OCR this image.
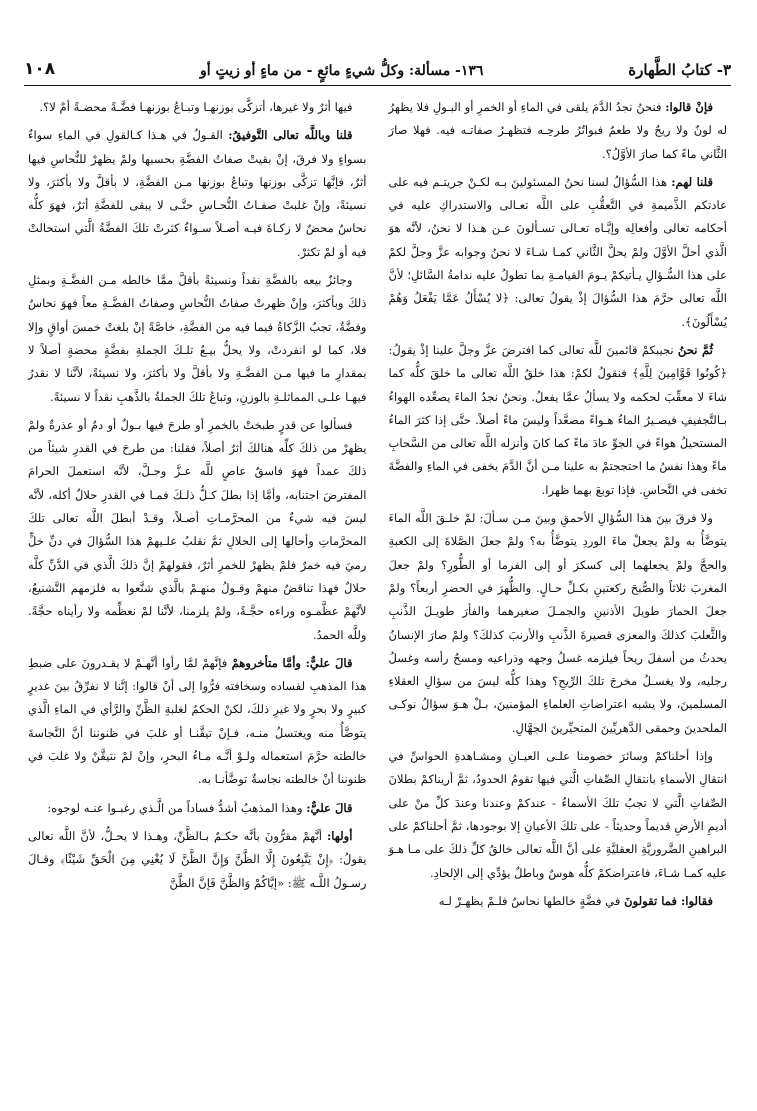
٣- كتابُ الطَّهارة
١٣٦- مسألة: وكلُّ شيءٍ مائعٍ - من ماءٍ أو زيتٍ أو
١٠٨

فإنْ قالوا: فنحنُ نجدُ الدَّمَ يلقى في الماءِ أو الخمرِ أو البـولِ فلا يظهرُ له لونٌ ولا ريحٌ ولا طعمٌ فبواتُرُ طرحِـه فتظهـرُ صفاتـه فيه. فهلا صارَ الثَّاني ماءً كما صارَ الأوَّلُ؟.

قلنا لهم: هذا السُّؤالُ لسنا نحنُ المسئولينَ بـه لكـنْ جريتـم فيه على عادتكم الذَّميمةِ في التَّعقُّبِ على اللَّه تعـالى والاستدراكِ عليه في أحكامه تعالى وأفعالِه وإيَّـاه تعـالى تسـألونَ عـن هـذا لا نحنُ، لأنَّه هوَ الَّذي أحلَّ الأوَّلَ ولمْ يحلَّ الثَّاني كمـا شـاءَ لا نحنُ وجوابه عزَّ وجلَّ لكمْ على هذا السُّـؤالِ يـأتيكمْ يـومَ القيامـةِ بما تطولُ عليه ندامةُ السَّائلِ؛ لأنَّ اللَّه تعالى حرَّمَ هذا السُّؤالَ إذْ يقولُ تعالى: ﴿لا يُسْأَلُ عَمَّا يَفْعَلُ وَهُمْ يُسْأَلُونَ﴾.

ثُمَّ نحنُ نجيبكمْ قائمينَ للَّه تعالى كما افترضَ عزَّ وجلَّ علينا إذْ يقولُ: ﴿كُونُوا قَوَّامِينَ لِلَّهِ﴾ فنقولُ لكمْ: هذا خلقُ اللَّه تعالى ما خلقَ كلُّه كما شاءَ لا معقِّبَ لحكمه ولا يسألُ عمَّا يفعلُ. ونحنُ نجدُ الماءَ يصعِّده الهواءُ بـالتَّجفيفِ فيصـيرُ الماءُ هـواءً مصعَّداً وليسَ ماءً أصلاً. حتَّى إذا كثرَ الماءُ المستحيلُ هواءً في الجوِّ عادَ ماءً كما كانَ وأنزله اللَّه تعالى من السَّحابِ ماءً وهذا نفسُ ما احتججتمْ به علينا مـن أنَّ الدَّمَ يخفى في الماءِ والفضَّةَ تخفى في النَّحاسِ. فإذا توبعَ بهما ظهرا.

ولا فرقَ بينَ هذا السُّؤالِ الأحمقِ وبينَ مـن سـألَ: لمْ خلـقَ اللَّه الماءَ يتوضَّأُ به ولمْ يجعلْ ماءَ الوردِ يتوضَّأُ به؟ ولمْ جعلَ الصَّلاةَ إلى الكعبةِ والحجَّ ولمْ يجعلهما إلى كسكرَ أو إلى الفرما أو الطُّورِ؟ ولمْ جعلَ المغربَ ثلاثاً والصُّبحَ ركعتينِ بكـلِّ حـالٍ. والظُّهرَ في الحضرِ أربعاً؟ ولمْ جعلَ الحمارَ طويلَ الأذنينِ والجمـلَ صغيرهما والفأرَ طويـلَ الذَّنبِ والثَّعلبَ كذلكَ والمعزى قصيرةَ الذَّنبِ والأرنبَ كذلكَ؟ ولمْ صارَ الإنسانُ يحدثُ من أسفلَ ريحاً فيلزمه غسلُ وجهه وذراعيه ومسحُ رأسه وغسلُ رجليه، ولا يغسـلُ مخرجَ تلكَ الرِّيحِ؟ وهذا كلُّه ليسَ من سؤالِ العقلاءِ المسلمينَ، ولا يشبه اعتراضاتِ العلماءِ المؤمنينَ، بـلْ هـوَ سؤالُ نوكـى الملحدينَ وحمقى الدَّهريِّينَ المتحيِّرينَ الجهَّالِ.

وإذا أحلناكمْ وسائرَ خصومنا علـى العيـانِ ومشـاهدةِ الحواسِّ في انتقالِ الأسماءِ بانتقالِ الصِّفاتِ الَّتي فيها تقومُ الحدودُ، ثمَّ أريناكمْ بطلانَ الصِّفاتِ الَّتي لا تجبُ تلكَ الأسماءُ - عندكمْ وعندنا وعندَ كلِّ منْ على أديمِ الأرضِ قديماً وحديثاً - على تلكَ الأعيانِ إلا بوجودها، ثمَّ أحلناكمْ على البراهينِ الضَّروريَّةِ العقليَّةِ على أنَّ اللَّه تعالى خالقُ كلِّ ذلكَ على مـا هـوَ عليه كمـا شـاءَ، فاعتراضكمْ كلُّه هوسٌ وباطلٌ يؤدِّي إلى الإلحادِ.

فقالوا: فما تقولونَ في فضَّةٍ خالطها نحاسٌ فلـمْ يظهـرْ لـه

فيها أثرٌ ولا غيرها، أتزكَّى بوزنهـا وتبـاعُ بوزنهـا فضَّـةً محضـةً أمْ لا؟.

قلنا وباللَّه تعالى التَّوفيقُ: القـولُ في هـذا كـالقولِ في الماءِ سواءٌ بسواءٍ ولا فرقَ، إنْ بقيتْ صفاتُ الفضَّةِ بحسبها ولمْ يظهرْ للنُّحاسِ فيها أثرٌ، فإنَّها تزكَّى بوزنها وتباعُ بوزنها مـن الفضَّةِ، لا بأقلَّ ولا بأكثرَ، ولا نسيئةً، وإنْ غلبتْ صفـاتُ النُّحـاسِ حتَّـى لا يبقى للفضَّةِ أثرٌ، فهوَ كلُّه نحاسٌ محضٌ لا زكـاةَ فيـه أصـلاً سـواءٌ كثرتْ تلكَ الفضَّةُ الَّتي استحالتْ فيه أو لمْ تكثرْ.

وجائزٌ بيعه بالفضَّةِ نقداً ونسيئةً بأقلَّ ممَّا خالطه مـن الفضَّـةِ وبمثلِ ذلكَ وبأكثرَ، وإنْ ظهرتْ صفاتُ النُّحاسِ وصفاتُ الفضَّـةِ معاً فهوَ نحاسٌ وفضَّةٌ، تجبُ الزَّكاةُ فيما فيه من الفضَّةِ، خاصَّةً إنْ بلغتْ خمسَ أواقٍ وإلا فلا، كما لو انفردتْ، ولا يحلُّ بيـعُ تلـكَ الجملةِ بفضَّةٍ محضةٍ أصلاً لا بمقدارِ ما فيها مـن الفضَّـةِ ولا بأقلَّ ولا بأكثرَ، ولا نسيئةً، لأنَّنا لا نقدرُ فيهـا علـى المماثلـةِ بالوزنِ، وتباعُ تلكَ الجملةُ بالذَّهبِ نقداً لا نسيئةً.

فسألوا عن قدرٍ طبختْ بالخمرِ أو طرحَ فيها بـولٌ أو دمٌ أو عذرةٌ ولمْ يظهرْ من ذلكَ كلِّه هنالكَ أثرٌ أصلاً، فقلنا: من طرحَ في القدرِ شيئاً من ذلكَ عمداً فهوَ فاسقٌ عاصٍ للَّه عـزَّ وجـلَّ، لأنَّه استعملَ الحرامَ المفترضَ اجتنابه، وأمَّا إذا بطلَ كـلُّ ذلـكَ فمـا في القدرِ حلالٌ أكله، لأنَّه ليسَ فيه شيءٌ من المحرَّمـاتِ أصـلاً، وقـدْ أبطلَ اللَّه تعالى تلكَ المحرَّماتِ وأحالها إلى الحلالِ ثمَّ نقلبُ علـيهمْ هذا السُّؤالَ في دنِّ خلٍّ رميَ فيه خمرٌ فلمْ يظهرْ للخمرِ أثرٌ، فقولهمْ إنَّ ذلكَ الَّذي في الدَّنِّ كلَّه حلالٌ فهذا تناقضٌ منهمْ وقـولُ منهـمْ بالَّذي شنَّعوا به فلزمهم التَّشنيعُ، لأنَّهمْ عظَّمـوه وراءه حجَّـةً، ولمْ يلزمنا، لأنَّنا لمْ نعظِّمه ولا رأيناه حجَّةً. وللَّه الحمدُ.

قالَ عليٌّ: وأمَّا متأخروهمْ فإنَّهمْ لمَّا رأوا أنَّهـمْ لا يقـدرونَ على ضبطِ هذا المذهبِ لفساده وسخافته فرُّوا إلى أنْ قالوا: إنَّنا لا نفرِّقُ بينَ غديرٍ كبيرٍ ولا بحرٍ ولا غيرِ ذلكَ، لكنْ الحكمُ لغلبةِ الظَّنِّ والرَّأي في الماءِ الَّذي يتوضَّأُ منه ويغتسلُ منـه، فـإنْ تيقَّنـا أو غلبَ في ظنوننا أنَّ النَّجاسةَ خالطته حرَّمَ استعماله ولـوْ أنَّـه مـاءُ البحرِ، وإنْ لمْ نتيقَّنْ ولا غلبَ في ظنوننا أنْ خالطته نجاسةٌ توضَّأنـا به.

قالَ عليٌّ: وهذا المذهبُ أشدُّ فساداً من الَّـذي رغبـوا عنـه لوجوه:

أولها: أنَّهمْ مقرُّونَ بأنَّه حكـمٌ بـالظَّنِّ، وهـذا لا يحـلُّ، لأنَّ اللَّه تعالى يقولُ: ﴿إِنْ يَتَّبِعُونَ إِلَّا الظَّنَّ وَإِنَّ الظَّنَّ لَا يُغْنِي مِنَ الْحَقِّ شَيْئًا﴾ وقـالَ رسـولُ اللَّـه ﷺ: «إيَّاكُمْ وَالظَّنَّ فَإنَّ الظَّنَّ
